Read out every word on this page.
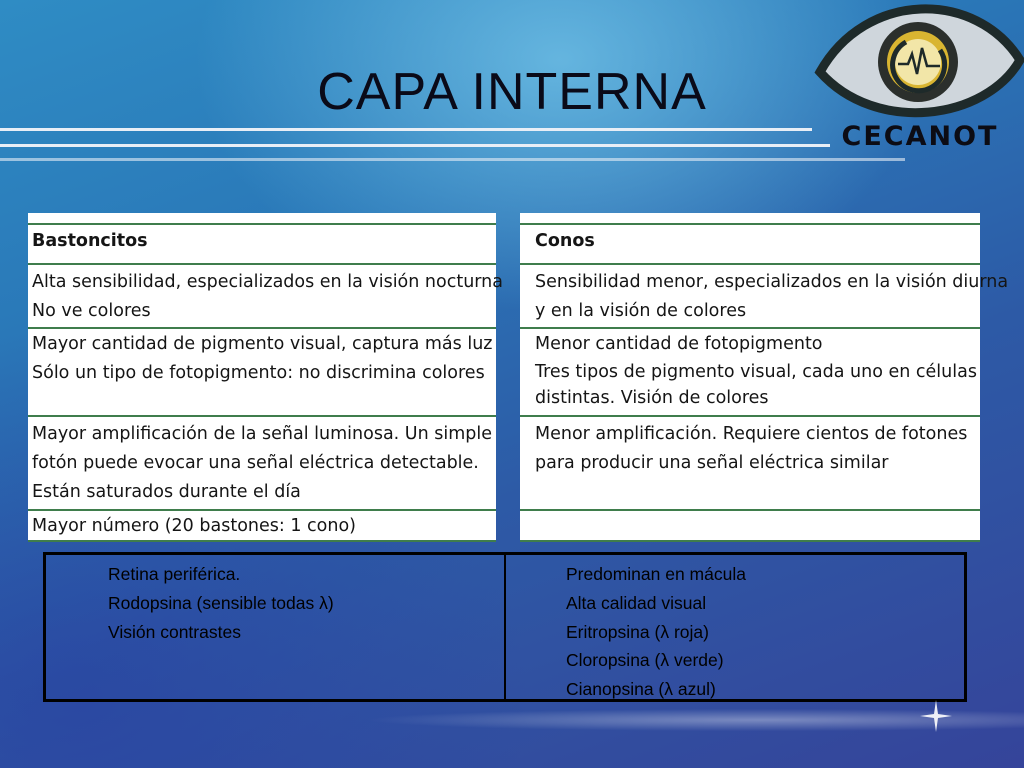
CAPA INTERNA
CECANOT
Bastoncitos
Alta sensibilidad, especializados en la visión nocturna
No ve colores
Mayor cantidad de pigmento visual, captura más luz
Sólo un tipo de fotopigmento: no discrimina colores
Mayor amplificación de la señal luminosa. Un simple
fotón puede evocar una señal eléctrica detectable.
Están saturados durante el día
Mayor número (20 bastones: 1 cono)
Conos
Sensibilidad menor, especializados en la visión diurna
y en la visión de colores
Menor cantidad de fotopigmento
Tres tipos de pigmento visual, cada uno en células
distintas. Visión de colores
Menor amplificación. Requiere cientos de fotones
para producir una señal eléctrica similar
Retina periférica.
Rodopsina (sensible todas λ)
Visión contrastes
Predominan en mácula
Alta calidad visual
Eritropsina (λ roja)
Cloropsina (λ verde)
Cianopsina (λ azul)
